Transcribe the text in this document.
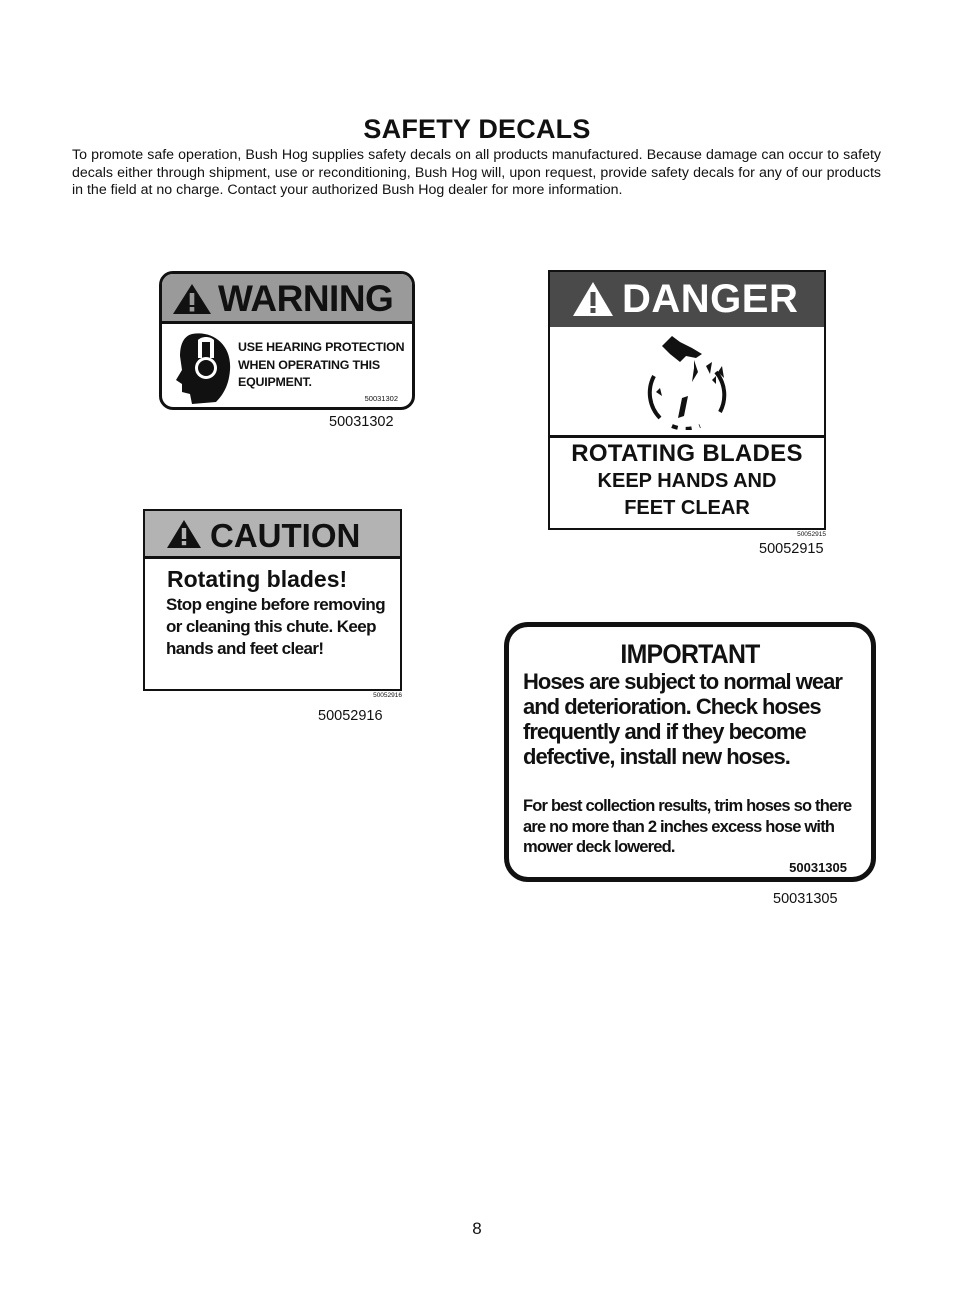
SAFETY DECALS
To promote safe operation, Bush Hog supplies safety decals on all products manufactured. Because damage can occur to safety decals either through shipment, use or reconditioning, Bush Hog will, upon request, provide safety decals for any of our products in the field at no charge. Contact your authorized Bush Hog dealer for more information.
WARNING
USE HEARING PROTECTION WHEN OPERATING THIS EQUIPMENT.
50031302
50031302
DANGER
ROTATING BLADES
KEEP HANDS AND
FEET CLEAR
50052915
50052915
CAUTION
Rotating blades!
Stop engine before removing or cleaning this chute. Keep hands and feet clear!
50052916
50052916
IMPORTANT
Hoses are subject to normal wear and deterioration. Check hoses frequently and if they become defective, install new hoses.
For best collection results, trim hoses so there are no more than 2 inches excess hose with mower deck lowered.
50031305
50031305
8
